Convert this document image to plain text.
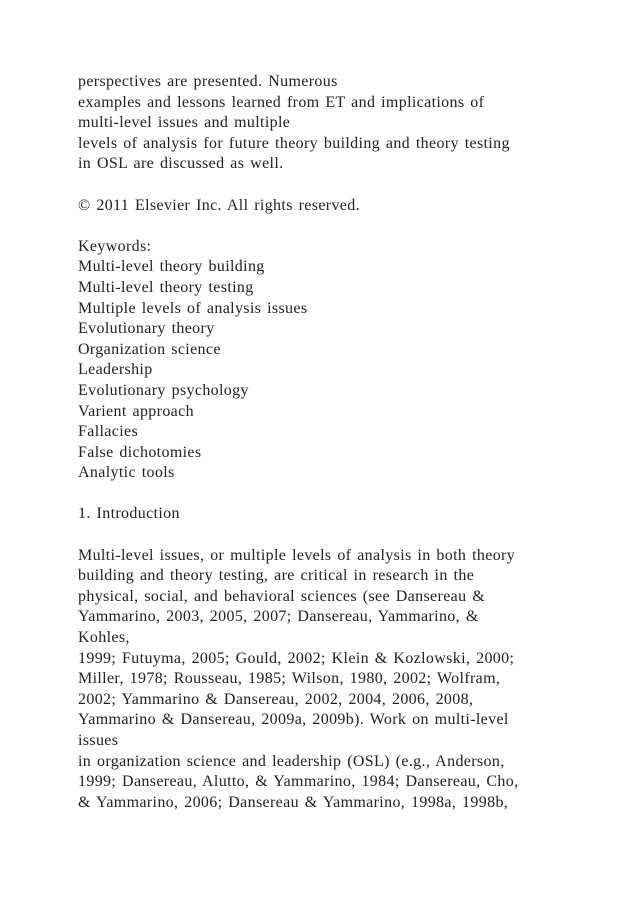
perspectives are presented. Numerous
examples and lessons learned from ET and implications of
multi-level issues and multiple
levels of analysis for future theory building and theory testing
in OSL are discussed as well.
© 2011 Elsevier Inc. All rights reserved.
Keywords:
Multi-level theory building
Multi-level theory testing
Multiple levels of analysis issues
Evolutionary theory
Organization science
Leadership
Evolutionary psychology
Varient approach
Fallacies
False dichotomies
Analytic tools
1. Introduction
Multi-level issues, or multiple levels of analysis in both theory
building and theory testing, are critical in research in the
physical, social, and behavioral sciences (see Dansereau &
Yammarino, 2003, 2005, 2007; Dansereau, Yammarino, &
Kohles,
1999; Futuyma, 2005; Gould, 2002; Klein & Kozlowski, 2000;
Miller, 1978; Rousseau, 1985; Wilson, 1980, 2002; Wolfram,
2002; Yammarino & Dansereau, 2002, 2004, 2006, 2008,
Yammarino & Dansereau, 2009a, 2009b). Work on multi-level
issues
in organization science and leadership (OSL) (e.g., Anderson,
1999; Dansereau, Alutto, & Yammarino, 1984; Dansereau, Cho,
& Yammarino, 2006; Dansereau & Yammarino, 1998a, 1998b,
